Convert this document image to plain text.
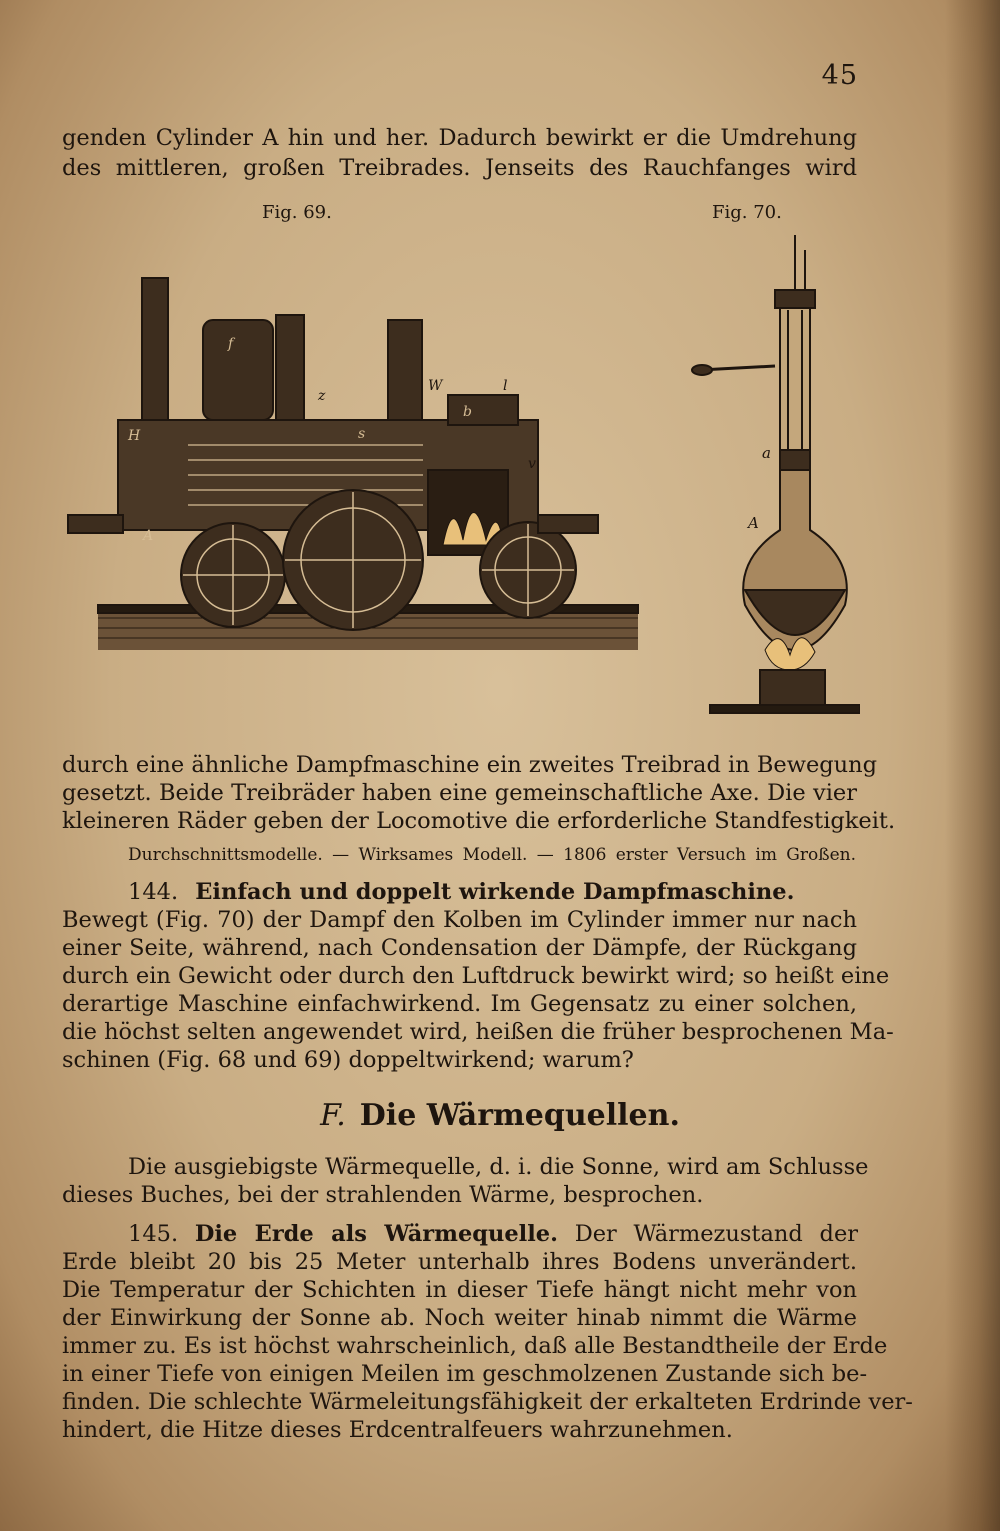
45
genden Cylinder A hin und her. Dadurch bewirkt er die Umdrehung
des mittleren, großen Treibrades. Jenseits des Rauchfanges wird
Fig. 69.	Fig. 70.
H
z
W
b
s
v
A
f
l
a
A
durch eine ähnliche Dampfmaschine ein zweites Treibrad in Bewegung
gesetzt. Beide Treibräder haben eine gemeinschaftliche Axe. Die vier
kleineren Räder geben der Locomotive die erforderliche Standfestigkeit.
Durchschnittsmodelle. — Wirksames Modell. — 1806 erster Versuch im Großen.
144. Einfach und doppelt wirkende Dampfmaschine.
Bewegt (Fig. 70) der Dampf den Kolben im Cylinder immer nur nach
einer Seite, während, nach Condensation der Dämpfe, der Rückgang
durch ein Gewicht oder durch den Luftdruck bewirkt wird; so heißt eine
derartige Maschine einfachwirkend. Im Gegensatz zu einer solchen,
die höchst selten angewendet wird, heißen die früher besprochenen Ma-
schinen (Fig. 68 und 69) doppeltwirkend; warum?
F. Die Wärmequellen.
Die ausgiebigste Wärmequelle, d. i. die Sonne, wird am Schlusse
dieses Buches, bei der strahlenden Wärme, besprochen.
145. Die Erde als Wärmequelle. Der Wärmezustand der
Erde bleibt 20 bis 25 Meter unterhalb ihres Bodens unverändert.
Die Temperatur der Schichten in dieser Tiefe hängt nicht mehr von
der Einwirkung der Sonne ab. Noch weiter hinab nimmt die Wärme
immer zu. Es ist höchst wahrscheinlich, daß alle Bestandtheile der Erde
in einer Tiefe von einigen Meilen im geschmolzenen Zustande sich be-
finden. Die schlechte Wärmeleitungsfähigkeit der erkalteten Erdrinde ver-
hindert, die Hitze dieses Erdcentralfeuers wahrzunehmen.
